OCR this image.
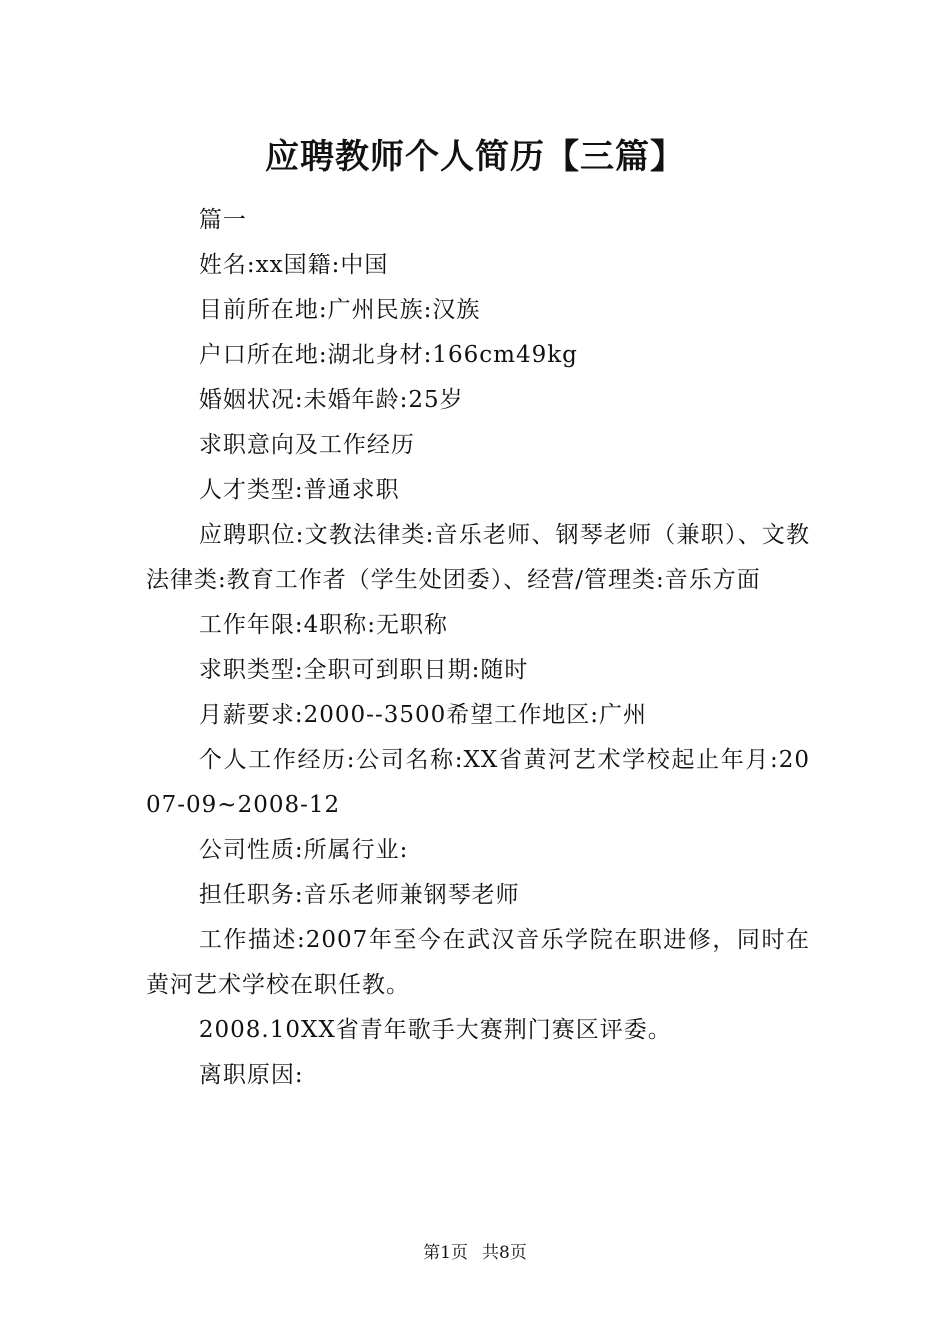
应聘教师个人简历【三篇】

篇一

姓名:xx国籍:中国

目前所在地:广州民族:汉族

户口所在地:湖北身材:166cm49kg

婚姻状况:未婚年龄:25岁

求职意向及工作经历

人才类型:普通求职

应聘职位:文教法律类:音乐老师、钢琴老师（兼职）、文教法律类:教育工作者（学生处团委）、经营/管理类:音乐方面

工作年限:4职称:无职称

求职类型:全职可到职日期:随时

月薪要求:2000--3500希望工作地区:广州

个人工作经历:公司名称:XX省黄河艺术学校起止年月:2007-09~2008-12

公司性质:所属行业:

担任职务:音乐老师兼钢琴老师

工作描述:2007年至今在武汉音乐学院在职进修，同时在黄河艺术学校在职任教。

2008.10XX省青年歌手大赛荆门赛区评委。

离职原因:

第1页 共8页
